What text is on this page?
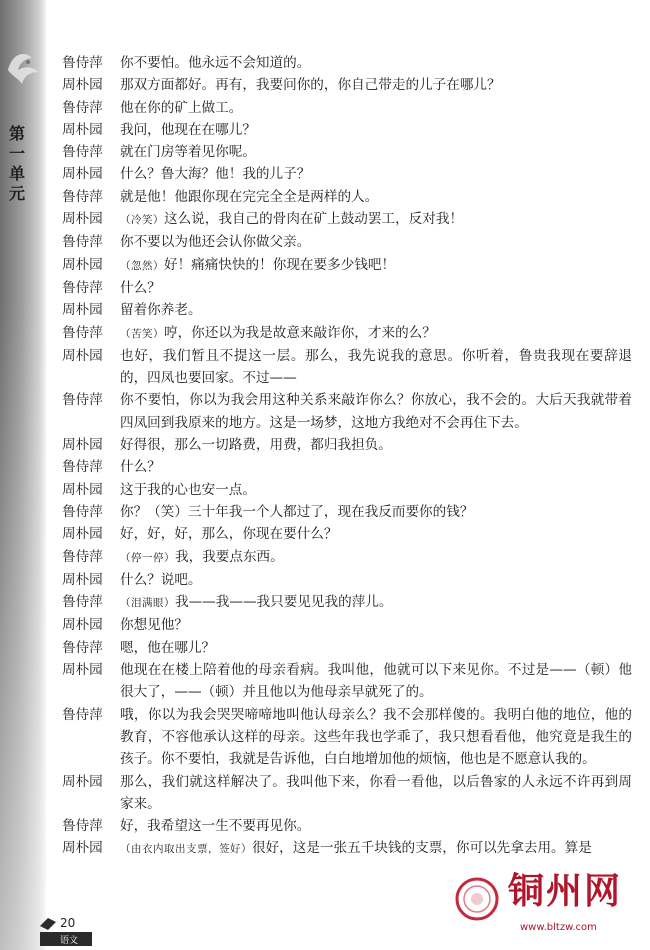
第一单元
鲁侍萍	你不要怕。他永远不会知道的。
周朴园	那双方面都好。再有，我要问你的，你自己带走的儿子在哪儿？
鲁侍萍	他在你的矿上做工。
周朴园	我问，他现在在哪儿？
鲁侍萍	就在门房等着见你呢。
周朴园	什么？鲁大海？他！我的儿子？
鲁侍萍	就是他！他跟你现在完完全全是两样的人。
周朴园	（冷笑）这么说，我自己的骨肉在矿上鼓动罢工，反对我！
鲁侍萍	你不要以为他还会认你做父亲。
周朴园	（忽然）好！痛痛快快的！你现在要多少钱吧！
鲁侍萍	什么？
周朴园	留着你养老。
鲁侍萍	（苦笑）哼，你还以为我是故意来敲诈你，才来的么？
周朴园	也好，我们暂且不提这一层。那么，我先说我的意思。你听着，鲁贵我现在要辞退的，四凤也要回家。不过——
鲁侍萍	你不要怕，你以为我会用这种关系来敲诈你么？你放心，我不会的。大后天我就带着四凤回到我原来的地方。这是一场梦，这地方我绝对不会再住下去。
周朴园	好得很，那么一切路费，用费，都归我担负。
鲁侍萍	什么？
周朴园	这于我的心也安一点。
鲁侍萍	你？（笑）三十年我一个人都过了，现在我反而要你的钱？
周朴园	好，好，好，那么，你现在要什么？
鲁侍萍	（停一停）我，我要点东西。
周朴园	什么？说吧。
鲁侍萍	（泪满眼）我——我——我只要见见我的萍儿。
周朴园	你想见他？
鲁侍萍	嗯，他在哪儿？
周朴园	他现在在楼上陪着他的母亲看病。我叫他，他就可以下来见你。不过是——（顿）他很大了，——（顿）并且他以为他母亲早就死了的。
鲁侍萍	哦，你以为我会哭哭啼啼地叫他认母亲么？我不会那样傻的。我明白他的地位，他的教育，不容他承认这样的母亲。这些年我也学乖了，我只想看看他，他究竟是我生的孩子。你不要怕，我就是告诉他，白白地增加他的烦恼，他也是不愿意认我的。
周朴园	那么，我们就这样解决了。我叫他下来，你看一看他，以后鲁家的人永远不许再到周家来。
鲁侍萍	好，我希望这一生不要再见你。
周朴园	（由衣内取出支票，签好）很好，这是一张五千块钱的支票，你可以先拿去用。算是
20
语文
铜州网
www.bltzw.com
